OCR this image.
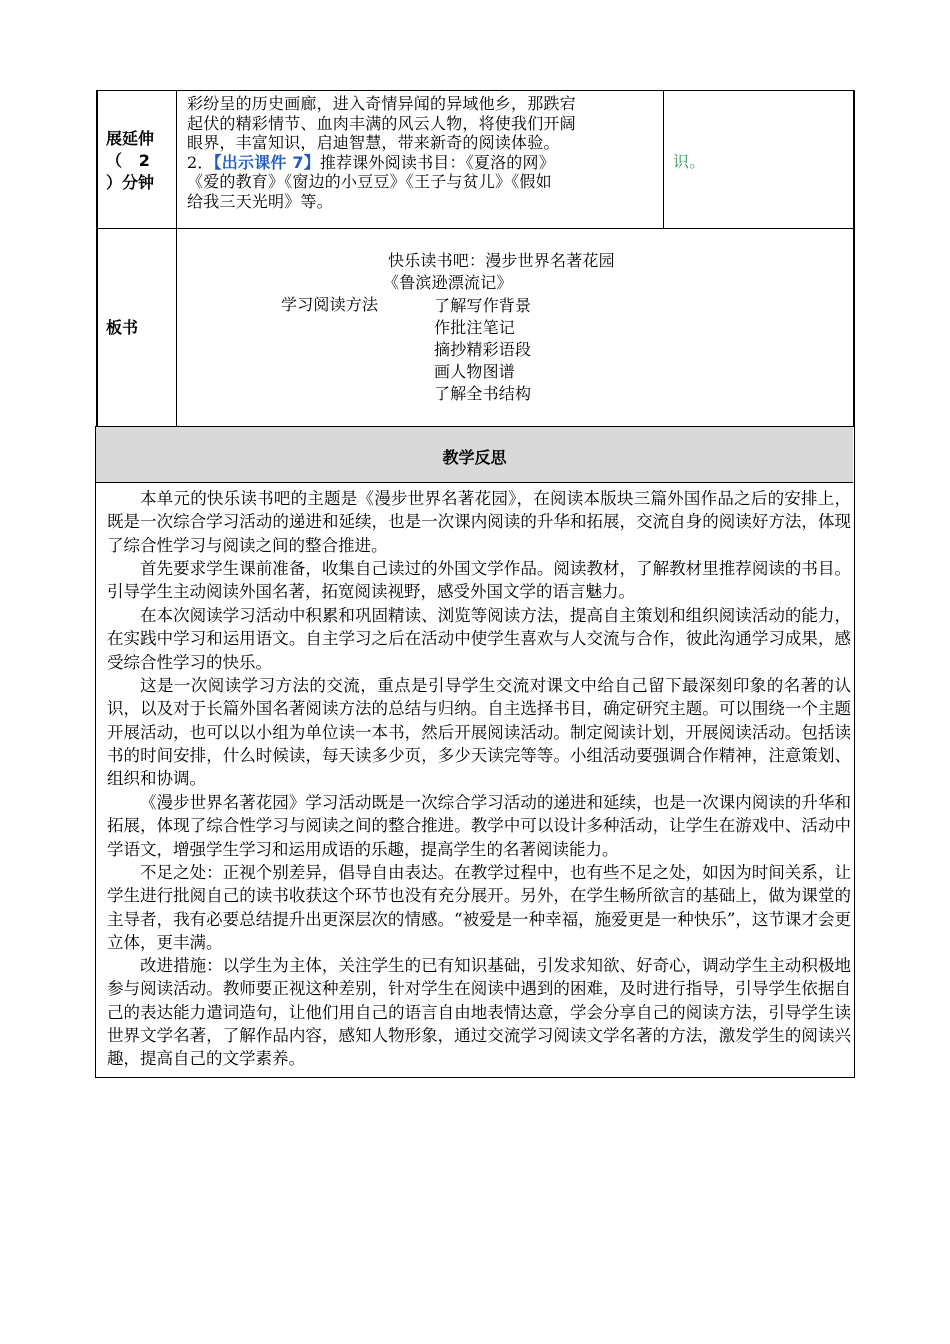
展延伸
（   2
）分钟
彩纷呈的历史画廊，进入奇情异闻的异域他乡，那跌宕
起伏的精彩情节、血肉丰满的风云人物，将使我们开阔
眼界，丰富知识，启迪智慧，带来新奇的阅读体验。
2．【出示课件 7】推荐课外阅读书目：《夏洛的网》
《爱的教育》《窗边的小豆豆》《王子与贫儿》《假如
给我三天光明》等。
识。
板书
快乐读书吧：漫步世界名著花园
《鲁滨逊漂流记》
学习阅读方法	了解写作背景
作批注笔记
摘抄精彩语段
画人物图谱
了解全书结构
教学反思

本单元的快乐读书吧的主题是《漫步世界名著花园》，在阅读本版块三篇外国作品之后的安排上，既是一次综合学习活动的递进和延续，也是一次课内阅读的升华和拓展，交流自身的阅读好方法，体现了综合性学习与阅读之间的整合推进。

首先要求学生课前准备，收集自己读过的外国文学作品。阅读教材，了解教材里推荐阅读的书目。引导学生主动阅读外国名著，拓宽阅读视野，感受外国文学的语言魅力。

在本次阅读学习活动中积累和巩固精读、浏览等阅读方法，提高自主策划和组织阅读活动的能力，在实践中学习和运用语文。自主学习之后在活动中使学生喜欢与人交流与合作，彼此沟通学习成果，感受综合性学习的快乐。

这是一次阅读学习方法的交流，重点是引导学生交流对课文中给自己留下最深刻印象的名著的认识，以及对于长篇外国名著阅读方法的总结与归纳。自主选择书目，确定研究主题。可以围绕一个主题开展活动，也可以以小组为单位读一本书，然后开展阅读活动。制定阅读计划，开展阅读活动。包括读书的时间安排，什么时候读，每天读多少页，多少天读完等等。小组活动要强调合作精神，注意策划、组织和协调。

《漫步世界名著花园》学习活动既是一次综合学习活动的递进和延续，也是一次课内阅读的升华和拓展，体现了综合性学习与阅读之间的整合推进。教学中可以设计多种活动，让学生在游戏中、活动中学语文，增强学生学习和运用成语的乐趣，提高学生的名著阅读能力。

不足之处：正视个别差异，倡导自由表达。在教学过程中，也有些不足之处，如因为时间关系，让学生进行批阅自己的读书收获这个环节也没有充分展开。另外，在学生畅所欲言的基础上，做为课堂的主导者，我有必要总结提升出更深层次的情感。“被爱是一种幸福，施爱更是一种快乐”，这节课才会更立体，更丰满。

改进措施：以学生为主体，关注学生的已有知识基础，引发求知欲、好奇心，调动学生主动积极地参与阅读活动。教师要正视这种差别，针对学生在阅读中遇到的困难，及时进行指导，引导学生依据自己的表达能力遣词造句，让他们用自己的语言自由地表情达意，学会分享自己的阅读方法，引导学生读世界文学名著，了解作品内容，感知人物形象，通过交流学习阅读文学名著的方法，激发学生的阅读兴趣，提高自己的文学素养。
